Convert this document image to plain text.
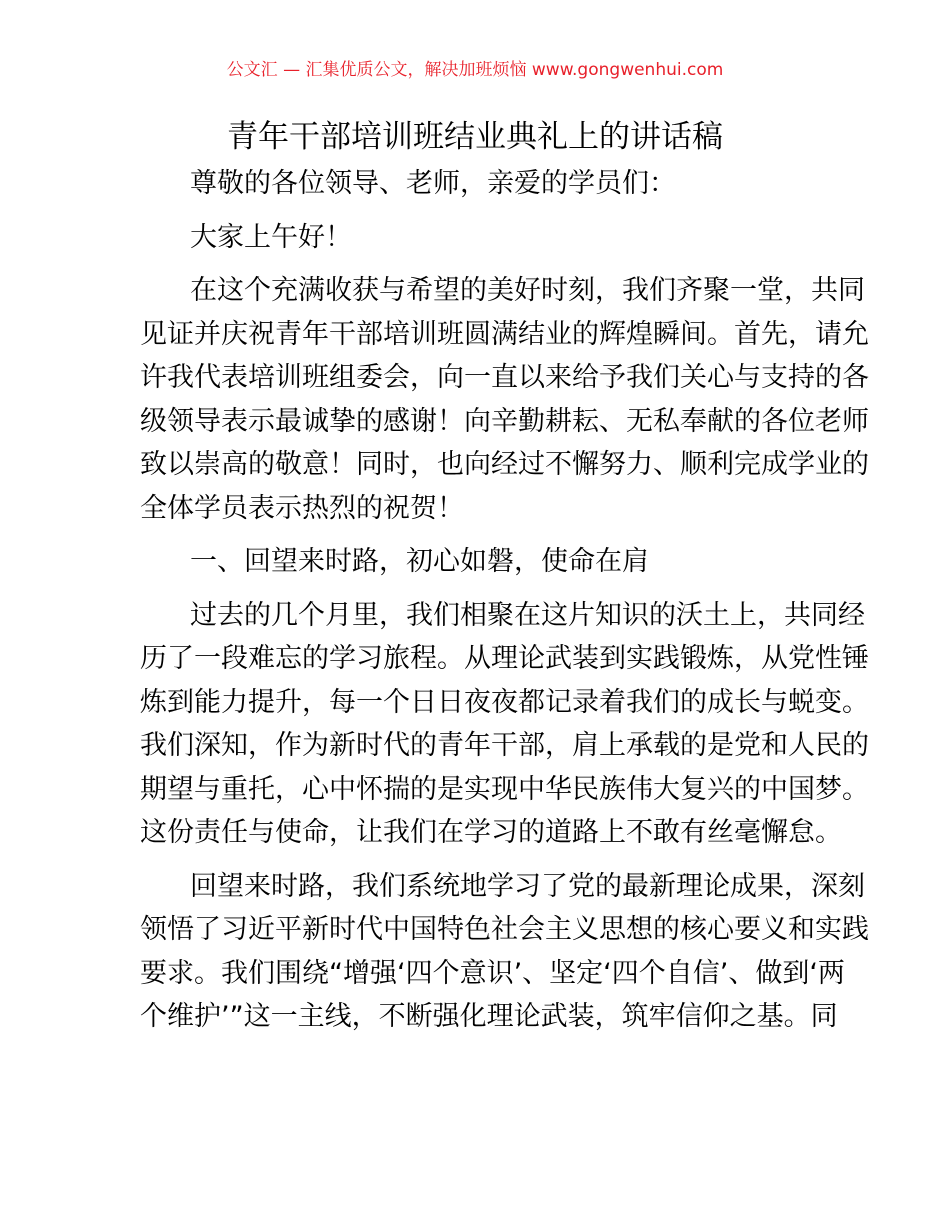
公文汇 — 汇集优质公文，解决加班烦恼 www.gongwenhui.com
青年干部培训班结业典礼上的讲话稿
尊敬的各位领导、老师，亲爱的学员们：
大家上午好！
在这个充满收获与希望的美好时刻，我们齐聚一堂，共同
见证并庆祝青年干部培训班圆满结业的辉煌瞬间。首先，请允
许我代表培训班组委会，向一直以来给予我们关心与支持的各
级领导表示最诚挚的感谢！向辛勤耕耘、无私奉献的各位老师
致以崇高的敬意！同时，也向经过不懈努力、顺利完成学业的
全体学员表示热烈的祝贺！
一、回望来时路，初心如磐，使命在肩
过去的几个月里，我们相聚在这片知识的沃土上，共同经
历了一段难忘的学习旅程。从理论武装到实践锻炼，从党性锤
炼到能力提升，每一个日日夜夜都记录着我们的成长与蜕变。
我们深知，作为新时代的青年干部，肩上承载的是党和人民的
期望与重托，心中怀揣的是实现中华民族伟大复兴的中国梦。
这份责任与使命，让我们在学习的道路上不敢有丝毫懈怠。
回望来时路，我们系统地学习了党的最新理论成果，深刻
领悟了习近平新时代中国特色社会主义思想的核心要义和实践
要求。我们围绕“增强‘四个意识’、坚定‘四个自信’、做到‘两
个维护’”这一主线，不断强化理论武装，筑牢信仰之基。同
